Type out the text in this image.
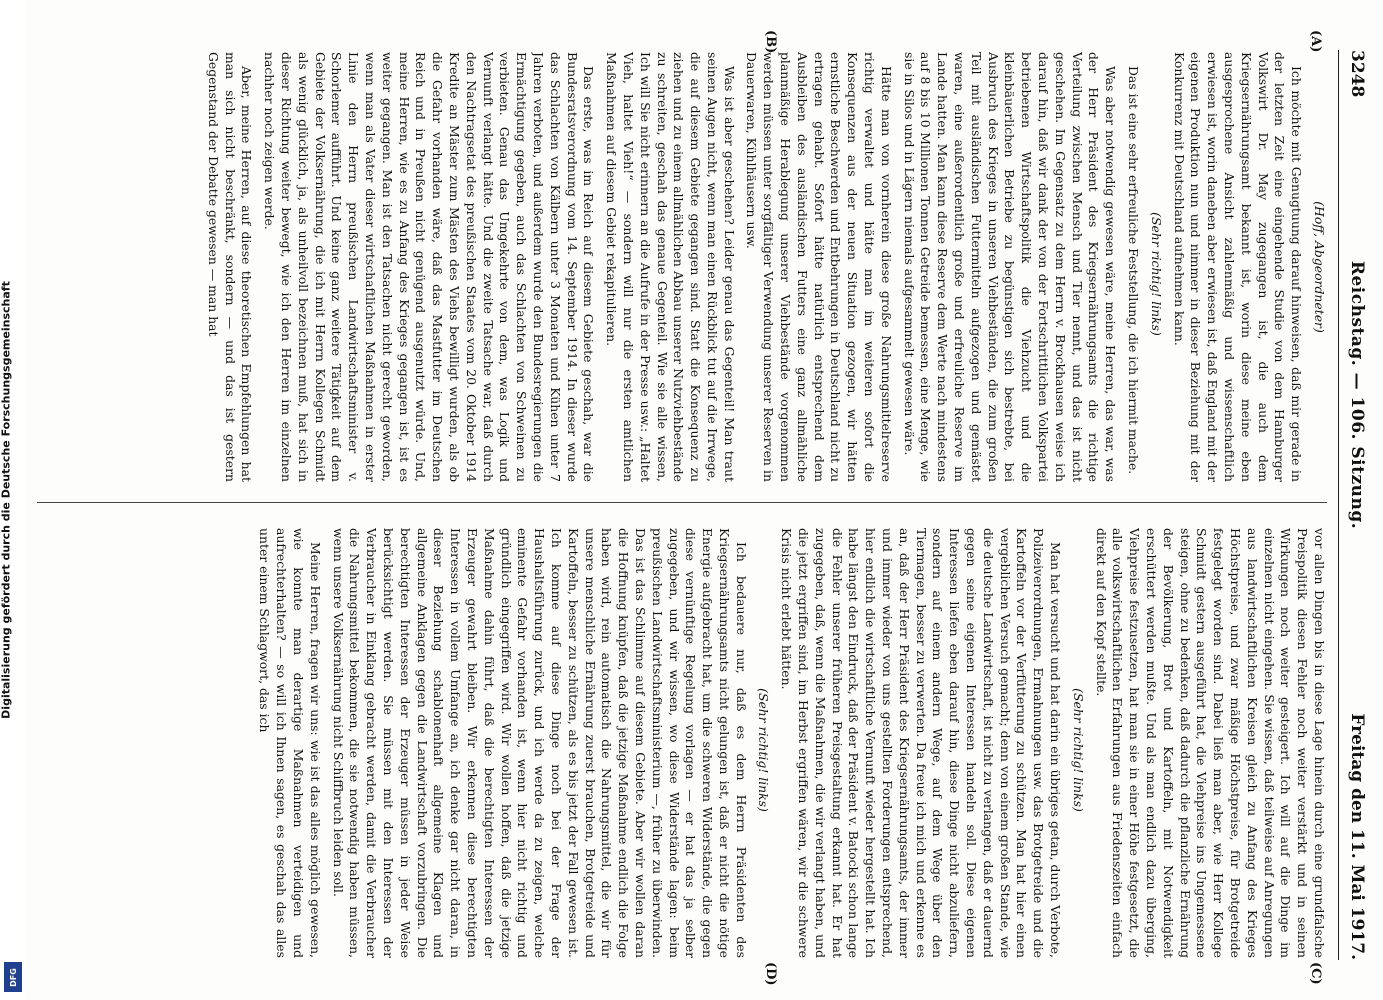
3248
Reichstag. — 106. Sitzung.
Freitag den 11. Mai 1917.
(A)
(B)
(C)
(D)

(Hoff, Abgeordneter)

Ich möchte mit Genugtuung darauf hinweisen, daß mir gerade in der letzten Zeit eine eingehende Studie von dem Hamburger Volkswirt Dr. May zugegangen ist, die auch dem Kriegsernährungsamt bekannt ist, worin diese meine eben ausgesprochene Ansicht zahlenmäßig und wissenschaftlich erwiesen ist, worin daneben aber erwiesen ist, daß England mit der eigenen Produktion nun und nimmer in dieser Beziehung mit der Konkurrenz mit Deutschland aufnehmen kann.

(Sehr richtig! links)

Das ist eine sehr erfreuliche Feststellung, die ich hiermit mache.

Was aber notwendig gewesen wäre, meine Herren, das war, was der Herr Präsident des Kriegsernährungsamts die richtige Verteilung zwischen Mensch und Tier nennt, und das ist nicht geschehen. Im Gegensatz zu dem Herrn v. Brockhausen weise ich darauf hin, daß wir dank der von der Fortschrittlichen Volkspartei betriebenen Wirtschaftspolitik die Viehzucht und die kleinbäuerlichen Betriebe zu begünstigen sich bestrebte, bei Ausbruch des Krieges in unseren Viehbeständen, die zum großen Teil mit ausländischen Futtermitteln aufgezogen und gemästet waren, eine außerordentlich große und erfreuliche Reserve im Lande hatten. Man kann diese Reserve dem Werte nach mindestens auf 8 bis 10 Millionen Tonnen Getreide bemessen, eine Menge, wie sie in Silos und in Lägern niemals aufgesammelt gewesen wäre.

Hätte man von vornherein diese große Nahrungsmittelreserve richtig verwaltet und hätte man im weiteren sofort die Konsequenzen aus der neuen Situation gezogen, wir hätten ernstliche Beschwerden und Entbehrungen in Deutschland nicht zu ertragen gehabt. Sofort hätte natürlich entsprechend dem Ausbleiben des ausländischen Futters eine ganz allmähliche planmäßige Herablegung unserer Viehbestände vorgenommen werden müssen unter sorgfältiger Verwendung unserer Reserven in Dauerwaren, Kühlhäusern usw.

Was ist aber geschehen? Leider genau das Gegenteil! Man traut seinen Augen nicht, wenn man einen Rückblick tut auf die Irrwege, die auf diesem Gebiete gegangen sind. Statt die Konsequenz zu ziehen und zu einem allmählichen Abbau unserer Nutzviehbestände zu schreiten, geschah das genaue Gegenteil. Wie sie alle wissen, Ich will Sie nicht erinnern an die Aufrufe in der Presse usw.: „Haltet Vieh, haltet Vieh!“ — sondern will nur die ersten amtlichen Maßnahmen auf diesem Gebiet rekapitulieren.

Das erste, was im Reich auf diesem Gebiete geschah, war die Bundesratsverordnung vom 14. September 1914. In dieser wurde das Schlachten von Kälbern unter 3 Monaten und Kühen unter 7 Jahren verboten, und außerdem wurde den Bundesregierungen die Ermächtigung gegeben, auch das Schlachten von Schweinen zu verbieten. Genau das Umgekehrte von dem, was Logik und Vernunft verlangt hätte. Und die zweite Tatsache war, daß durch den Nachtragsetat des preußischen Staates vom 20. Oktober 1914 Kredite an Mäster zum Mästen des Viehs bewilligt wurden, als ob die Gefahr vorhanden wäre, daß das Mastfutter im Deutschen Reich und in Preußen nicht genügend ausgenutzt würde. Und, meine Herren, wie es zu Anfang des Krieges gegangen ist, ist es weiter gegangen. Man ist den Tatsachen nicht gerecht geworden, wenn man als Vater dieser wirtschaftlichen Maßnahmen in erster Linie den Herrn preußischen Landwirtschaftsminister v. Schorlemer aufführt. Und keine ganz weitere Tätigkeit auf dem Gebiete der Volksernährung, die ich mit Herrn Kollegen Schmidt als wenig glücklich, ja, als unheilvoll bezeichnen muß, hat sich in dieser Richtung weiter bewegt, wie ich den Herren im einzelnen nachher noch zeigen werde.

Aber, meine Herren, auf diese theoretischen Empfehlungen hat man sich nicht beschränkt, sondern — und das ist gestern Gegenstand der Debatte gewesen — man hat

vor allen Dingen bis in diese Lage hinein durch eine grundfalsche Preispolitik diesen Fehler noch weiter verstärkt und in seinen Wirkungen noch weiter gesteigert. Ich will auf die Dinge im einzelnen nicht eingehen. Sie wissen, daß teilweise auf Anregungen aus landwirtschaftlichen Kreisen gleich zu Anfang des Krieges Höchstpreise, und zwar mäßige Höchstpreise, für Brotgetreide festgelegt worden sind. Dabei ließ man aber, wie Herr Kollege Schmidt gestern ausgeführt hat, die Viehpreise ins Ungemessene steigen, ohne zu bedenken, daß dadurch die pflanzliche Ernährung der Bevölkerung, Brot und Kartoffeln, mit Notwendigkeit erschüttert werden mußte. Und als man endlich dazu überging, Viehpreise festzusetzen, hat man sie in einer Höhe festgesetzt, die alle volkswirtschaftlichen Erfahrungen aus Friedenszeiten einfach direkt auf den Kopf stellte.

(Sehr richtig! links)

Man hat versucht und hat darin ein übriges getan, durch Verbote, Polizeiverordnungen, Ermahnungen usw. das Brotgetreide und die Kartoffeln vor der Verfütterung zu schützen. Man hat hier einen vergeblichen Versuch gemacht; denn von einem großen Stande, wie die deutsche Landwirtschaft, ist nicht zu verlangen, daß er dauernd gegen seine eigenen Interessen handeln soll. Diese eigenen Interessen liefen eben darauf hin, diese Dinge nicht abzuliefern, sondern auf einem andern Wege, auf dem Wege über den Tiermagen, besser zu verwerten. Da freue ich mich und erkenne es an, daß der Herr Präsident des Kriegsernährungsamts, der immer und immer wieder von uns gestellten Forderungen entsprechend, hier endlich die wirtschaftliche Vernunft wieder hergestellt hat. Ich habe längst den Eindruck, daß der Präsident v. Batocki schon lange die Fehler unserer früheren Preisgestaltung erkannt hat. Er hat zugegeben, daß, wenn die Maßnahmen, die wir verlangt haben, und die jetzt ergriffen sind, im Herbst ergriffen wären, wir die schwere Krisis nicht erlebt hätten.

(Sehr richtig! links)

Ich bedauere nur, daß es dem Herrn Präsidenten des Kriegsernährungsamts nicht gelungen ist, daß er nicht die nötige Energie aufgebracht hat, um die schweren Widerstände, die gegen diese vernünftige Regelung vorlagen — er hat das ja selber zugegeben, und wir wissen, wo diese Widerstände lagen: beim preußischen Landwirtschaftsministerium —, früher zu überwinden. Das ist das Schlimme auf diesem Gebiete. Aber wir wollen daran die Hoffnung knüpfen, daß die jetzige Maßnahme endlich die Folge haben wird, rein automatisch die Nahrungsmittel, die wir für unsere menschliche Ernährung zuerst brauchen, Brotgetreide und Kartoffeln, besser zu schützen, als es bis jetzt der Fall gewesen ist. Ich komme auf diese Dinge noch bei der Frage der Haushaltsführung zurück, und ich werde da zu zeigen, welche eminente Gefahr vorhanden ist, wenn hier nicht richtig und gründlich eingegriffen wird. Wir wollen hoffen, daß die jetzige Maßnahme dahin führt, daß die berechtigten Interessen der Erzeuger gewahrt bleiben. Wir erkennen diese berechtigten Interessen in vollem Umfange an, ich denke gar nicht daran, in dieser Beziehung schablonenhaft allgemeine Klagen und allgemeine Anklagen gegen die Landwirtschaft vorzubringen. Die berechtigten Interessen der Erzeuger müssen in jeder Weise berücksichtigt werden. Sie müssen mit den Interessen der Verbraucher in Einklang gebracht werden, damit die Verbraucher die Nahrungsmittel bekommen, die sie notwendig haben müssen, wenn unsere Volksernährung nicht Schiffbruch leiden soll.

Meine Herren, fragen wir uns: wie ist das alles möglich gewesen, wie konnte man derartige Maßnahmen verteidigen und aufrechterhalten? — so will ich Ihnen sagen, es geschah das alles unter einem Schlagwort, das ich

Digitalisierung gefördert durch die Deutsche Forschungsgemeinschaft
DFG
